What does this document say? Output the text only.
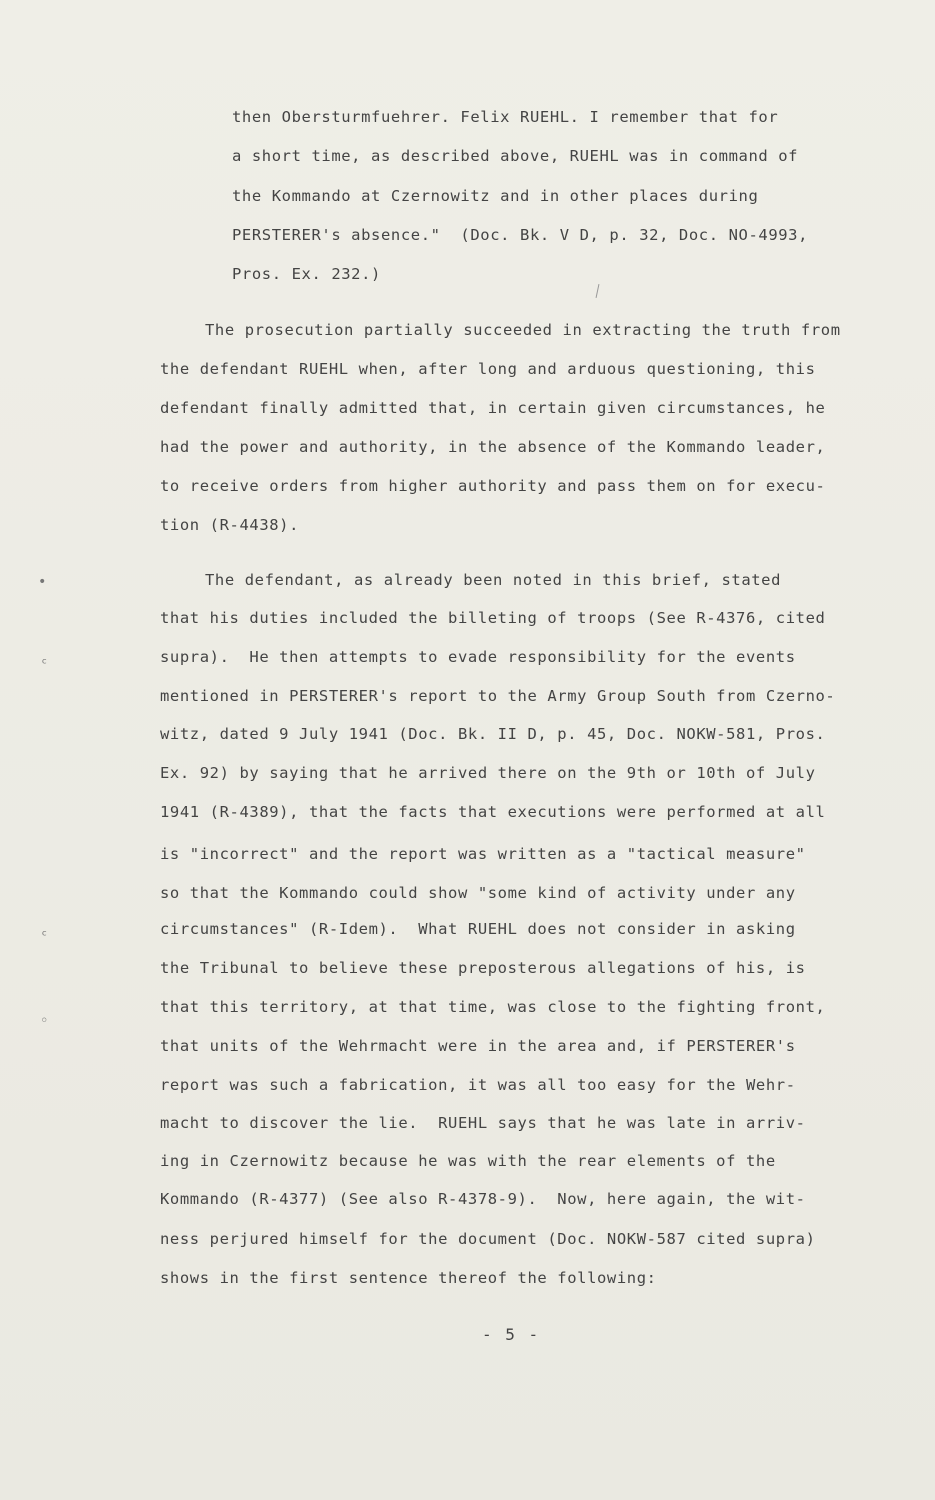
then Obersturmfuehrer. Felix RUEHL. I remember that for
a short time, as described above, RUEHL was in command of
the Kommando at Czernowitz and in other places during
PERSTERER's absence."  (Doc. Bk. V D, p. 32, Doc. NO-4993,
Pros. Ex. 232.)
The prosecution partially succeeded in extracting the truth from
the defendant RUEHL when, after long and arduous questioning, this
defendant finally admitted that, in certain given circumstances, he
had the power and authority, in the absence of the Kommando leader,
to receive orders from higher authority and pass them on for execu-
tion (R-4438).
The defendant, as already been noted in this brief, stated
that his duties included the billeting of troops (See R-4376, cited
supra).  He then attempts to evade responsibility for the events
mentioned in PERSTERER's report to the Army Group South from Czerno-
witz, dated 9 July 1941 (Doc. Bk. II D, p. 45, Doc. NOKW-581, Pros.
Ex. 92) by saying that he arrived there on the 9th or 10th of July
1941 (R-4389), that the facts that executions were performed at all
is "incorrect" and the report was written as a "tactical measure"
so that the Kommando could show "some kind of activity under any
circumstances" (R-Idem).  What RUEHL does not consider in asking
the Tribunal to believe these preposterous allegations of his, is
that this territory, at that time, was close to the fighting front,
that units of the Wehrmacht were in the area and, if PERSTERER's
report was such a fabrication, it was all too easy for the Wehr-
macht to discover the lie.  RUEHL says that he was late in arriv-
ing in Czernowitz because he was with the rear elements of the
Kommando (R-4377) (See also R-4378-9).  Now, here again, the wit-
ness perjured himself for the document (Doc. NOKW-587 cited supra)
shows in the first sentence thereof the following:
- 5 -
•
ᶜ
ᶜ
◦
